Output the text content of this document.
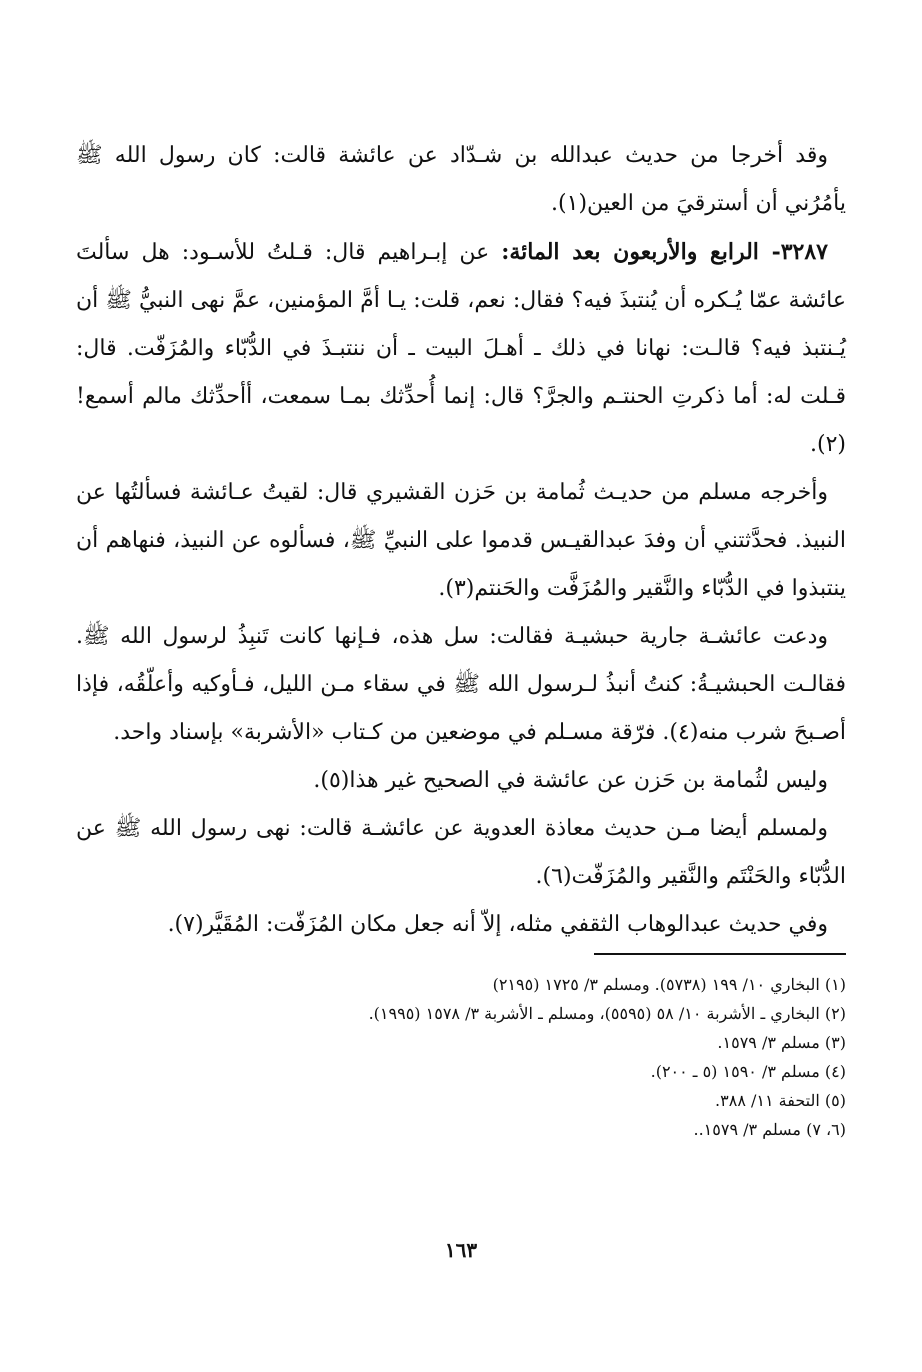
وقد أخرجا من حديث عبدالله بن شـدّاد عن عائشة قالت: كان رسول الله ﷺ يأمُرُني أن أسترقيَ من العين(١).

٣٢٨٧- الرابع والأربعون بعد المائة: عن إبـراهيم قال: قـلتُ للأسـود: هل سألتَ عائشة عمّا يُـكره أن يُنتبذَ فيه؟ فقال: نعم، قلت: يـا أمَّ المؤمنين، عمَّ نهى النبيُّ ﷺ أن يُـنتبذ فيه؟ قالـت: نهانا في ذلك ـ أهـلَ البيت ـ أن ننتبـذَ في الدُّبّاء والمُزَفّت. قال: قـلت له: أما ذكرتِ الحنتـم والجرَّ؟ قال: إنما أُحدِّثك بمـا سمعت، أأحدِّثك مالم أسمع!(٢).

وأخرجه مسلم من حديـث ثُمامة بن حَزن القشيري قال: لقيتُ عـائشة فسألتُها عن النبيذ. فحدَّثتني أن وفدَ عبدالقيـس قدموا على النبيِّ ﷺ، فسألوه عن النبيذ، فنهاهم أن ينتبذوا في الدُّبّاء والنَّقير والمُزَفَّت والحَنتم(٣).

ودعت عائشـة جارية حبشيـة فقالت: سل هذه، فـإنها كانت تَنبِذُ لرسول الله ﷺ. فقالـت الحبشيـةُ: كنتُ أنبذُ لـرسول الله ﷺ في سقاء مـن الليل، فـأوكيه وأعلّقُه، فإذا أصـبحَ شرب منه(٤). فرّقة مسـلم في موضعين من كـتاب «الأشربة» بإسناد واحد.

وليس لثُمامة بن حَزن عن عائشة في الصحيح غير هذا(٥).

ولمسلم أيضا مـن حديث معاذة العدوية عن عائشـة قالت: نهى رسول الله ﷺ عن الدُّبّاء والحَنْتَم والنَّقير والمُزَفّت(٦).

وفي حديث عبدالوهاب الثقفي مثله، إلاّ أنه جعل مكان المُزَفّت: المُقَيَّر(٧).

(١) البخاري ١٠/ ١٩٩ (٥٧٣٨). ومسلم ٣/ ١٧٢٥ (٢١٩٥)
(٢) البخاري ـ الأشربة ١٠/ ٥٨ (٥٥٩٥)، ومسلم ـ الأشربة ٣/ ١٥٧٨ (١٩٩٥).
(٣) مسلم ٣/ ١٥٧٩.
(٤) مسلم ٣/ ١٥٩٠ (٥ ـ ٢٠٠).
(٥) التحفة ١١/ ٣٨٨.
(٦، ٧) مسلم ٣/ ١٥٧٩..
١٦٣
